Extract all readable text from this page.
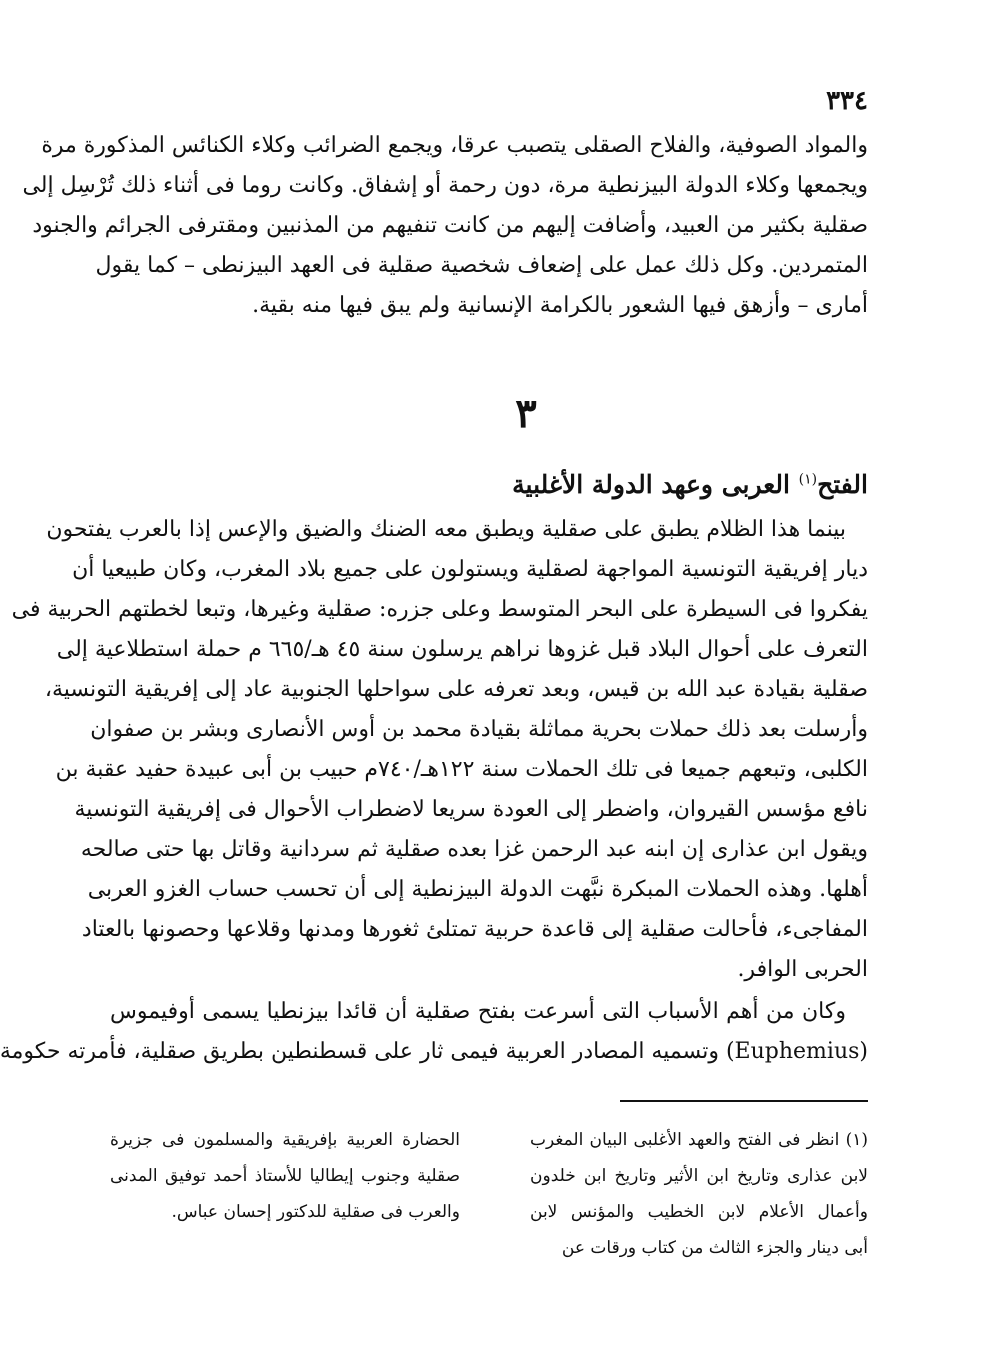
٣٣٤
والمواد الصوفية، والفلاح الصقلى يتصبب عرقا، ويجمع الضرائب وكلاء الكنائس المذكورة مرة
ويجمعها وكلاء الدولة البيزنطية مرة، دون رحمة أو إشفاق. وكانت روما فى أثناء ذلك تُرْسِل إلى
صقلية بكثير من العبيد، وأضافت إليهم من كانت تنفيهم من المذنبين ومقترفى الجرائم والجنود
المتمردين. وكل ذلك عمل على إضعاف شخصية صقلية فى العهد البيزنطى – كما يقول
أمارى – وأزهق فيها الشعور بالكرامة الإنسانية ولم يبق فيها منه بقية.
٣
الفتح$^{(١)}$ العربى وعهد الدولة الأغلبية
بينما هذا الظلام يطبق على صقلية ويطبق معه الضنك والضيق والإعس إذا بالعرب يفتحون
ديار إفريقية التونسية المواجهة لصقلية ويستولون على جميع بلاد المغرب، وكان طبيعيا أن
يفكروا فى السيطرة على البحر المتوسط وعلى جزره: صقلية وغيرها، وتبعا لخطتهم الحربية فى
التعرف على أحوال البلاد قبل غزوها نراهم يرسلون سنة ٤٥ هـ/٦٦٥ م حملة استطلاعية إلى
صقلية بقيادة عبد الله بن قيس، وبعد تعرفه على سواحلها الجنوبية عاد إلى إفريقية التونسية،
وأرسلت بعد ذلك حملات بحرية مماثلة بقيادة محمد بن أوس الأنصارى وبشر بن صفوان
الكلبى، وتبعهم جميعا فى تلك الحملات سنة ١٢٢هـ/٧٤٠م حبيب بن أبى عبيدة حفيد عقبة بن
نافع مؤسس القيروان، واضطر إلى العودة سريعا لاضطراب الأحوال فى إفريقية التونسية
ويقول ابن عذارى إن ابنه عبد الرحمن غزا بعده صقلية ثم سردانية وقاتل بها حتى صالحه
أهلها. وهذه الحملات المبكرة نبَّهت الدولة البيزنطية إلى أن تحسب حساب الغزو العربى
المفاجىء، فأحالت صقلية إلى قاعدة حربية تمتلئ ثغورها ومدنها وقلاعها وحصونها بالعتاد
الحربى الوافر.
وكان من أهم الأسباب التى أسرعت بفتح صقلية أن قائدا بيزنطيا يسمى أوفيموس
(Euphemius) وتسميه المصادر العربية فيمى ثار على قسطنطين بطريق صقلية، فأمرته حكومة
(١) انظر فى الفتح والعهد الأغلبى البيان المغرب
لابن عذارى وتاريخ ابن الأثير وتاريخ ابن خلدون
وأعمال الأعلام لابن الخطيب والمؤنس لابن
أبى دينار والجزء الثالث من كتاب ورقات عن
الحضارة العربية بإفريقية والمسلمون فى جزيرة
صقلية وجنوب إيطاليا للأستاذ أحمد توفيق المدنى
والعرب فى صقلية للدكتور إحسان عباس.
